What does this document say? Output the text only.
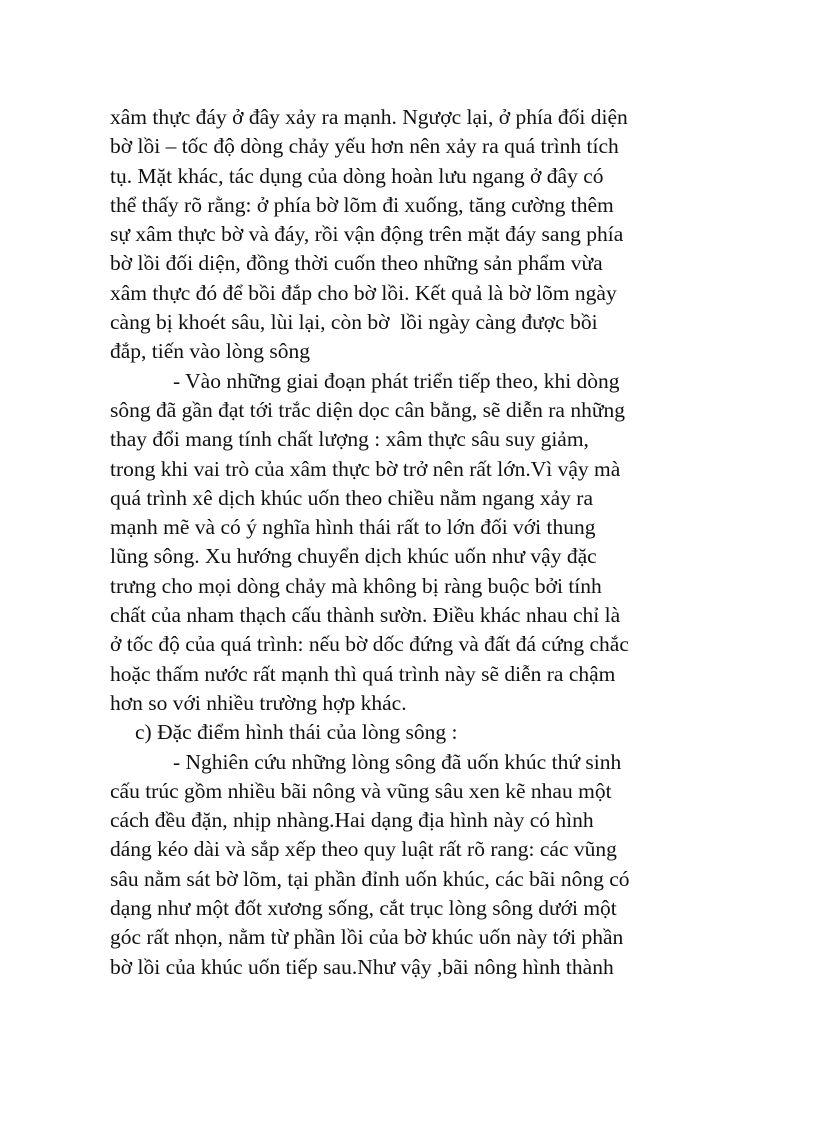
xâm thực đáy ở đây xảy ra mạnh. Ngược lại, ở phía đối diện
bờ lồi – tốc độ dòng chảy yếu hơn nên xảy ra quá trình tích
tụ. Mặt khác, tác dụng của dòng hoàn lưu ngang ở đây có
thể thấy rõ rằng: ở phía bờ lõm đi xuống, tăng cường thêm
sự xâm thực bờ và đáy, rồi vận động trên mặt đáy sang phía
bờ lồi đối diện, đồng thời cuốn theo những sản phẩm vừa
xâm thực đó để bồi đắp cho bờ lồi. Kết quả là bờ lõm ngày
càng bị khoét sâu, lùi lại, còn bờ  lồi ngày càng được bồi
đắp, tiến vào lòng sông
- Vào những giai đoạn phát triển tiếp theo, khi dòng
sông đã gần đạt tới trắc diện dọc cân bằng, sẽ diễn ra những
thay đổi mang tính chất lượng : xâm thực sâu suy giảm,
trong khi vai trò của xâm thực bờ trở nên rất lớn.Vì vậy mà
quá trình xê dịch khúc uốn theo chiều nằm ngang xảy ra
mạnh mẽ và có ý nghĩa hình thái rất to lớn đối với thung
lũng sông. Xu hướng chuyển dịch khúc uốn như vậy đặc
trưng cho mọi dòng chảy mà không bị ràng buộc bởi tính
chất của nham thạch cấu thành sườn. Điều khác nhau chỉ là
ở tốc độ của quá trình: nếu bờ dốc đứng và đất đá cứng chắc
hoặc thấm nước rất mạnh thì quá trình này sẽ diễn ra chậm
hơn so với nhiều trường hợp khác.
c) Đặc điểm hình thái của lòng sông :
- Nghiên cứu những lòng sông đã uốn khúc thứ sinh
cấu trúc gồm nhiều bãi nông và vũng sâu xen kẽ nhau một
cách đều đặn, nhịp nhàng.Hai dạng địa hình này có hình
dáng kéo dài và sắp xếp theo quy luật rất rõ rang: các vũng
sâu nằm sát bờ lõm, tại phần đỉnh uốn khúc, các bãi nông có
dạng như một đốt xương sống, cắt trục lòng sông dưới một
góc rất nhọn, nằm từ phần lồi của bờ khúc uốn này tới phần
bờ lồi của khúc uốn tiếp sau.Như vậy ,bãi nông hình thành
